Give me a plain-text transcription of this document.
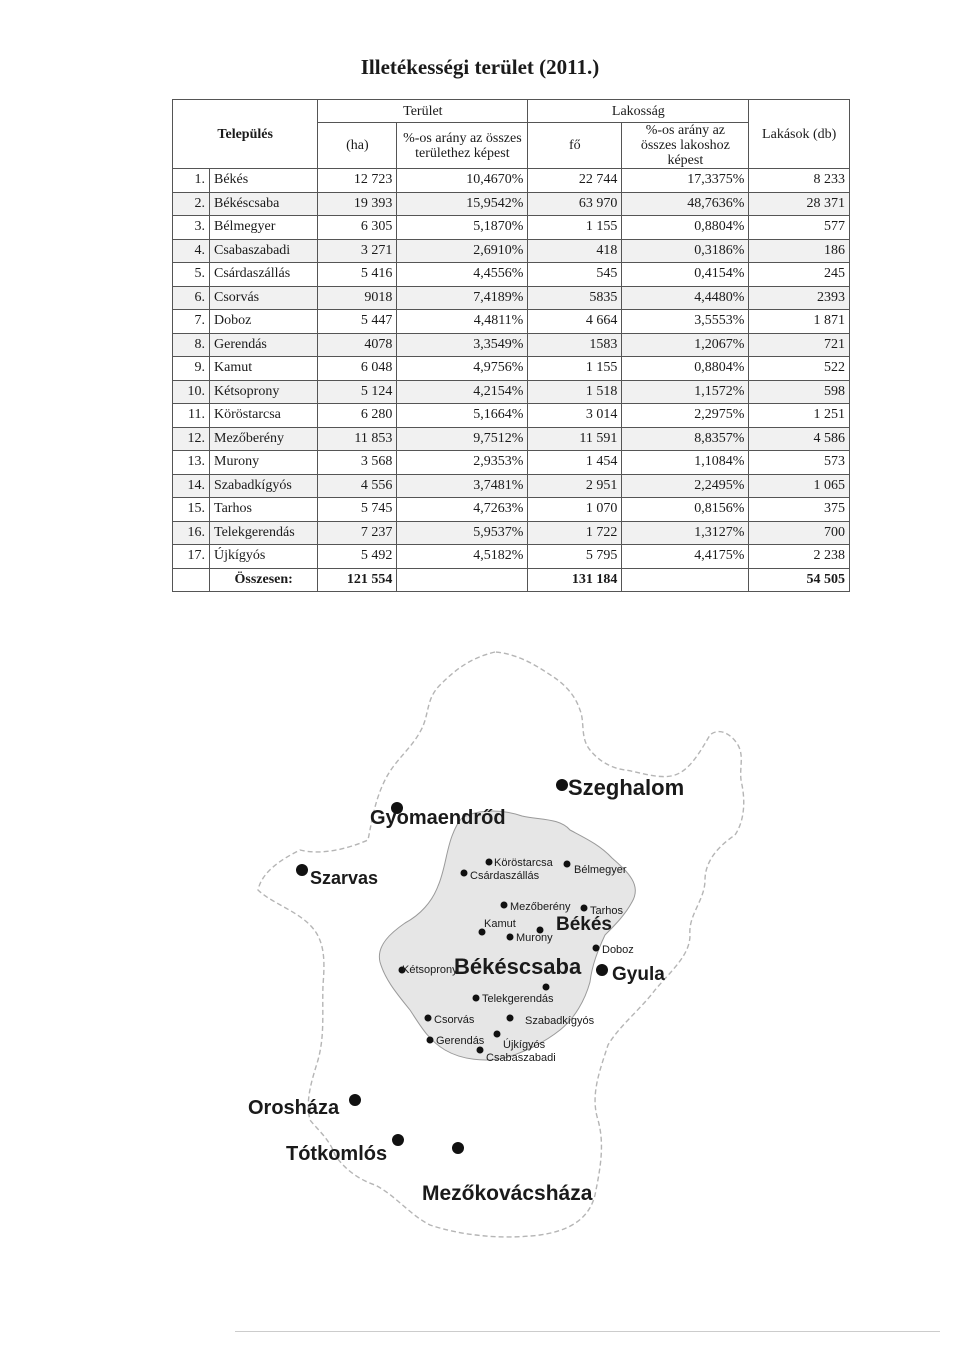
Illetékességi terület (2011.)
Település		Terület		Lakosság		Lakások (db)
		(ha)	%-os arány az összes területhez képest	fő	%-os arány az összes lakoshoz képest	
1.	Békés	12 723	10,4670%	22 744	17,3375%	8 233
2.	Békéscsaba	19 393	15,9542%	63 970	48,7636%	28 371
3.	Bélmegyer	6 305	5,1870%	1 155	0,8804%	577
4.	Csabaszabadi	3 271	2,6910%	418	0,3186%	186
5.	Csárdaszállás	5 416	4,4556%	545	0,4154%	245
6.	Csorvás	9018	7,4189%	5835	4,4480%	2393
7.	Doboz	5 447	4,4811%	4 664	3,5553%	1 871
8.	Gerendás	4078	3,3549%	1583	1,2067%	721
9.	Kamut	6 048	4,9756%	1 155	0,8804%	522
10.	Kétsoprony	5 124	4,2154%	1 518	1,1572%	598
11.	Köröstarcsa	6 280	5,1664%	3 014	2,2975%	1 251
12.	Mezőberény	11 853	9,7512%	11 591	8,8357%	4 586
13.	Murony	3 568	2,9353%	1 454	1,1084%	573
14.	Szabadkígyós	4 556	3,7481%	2 951	2,2495%	1 065
15.	Tarhos	5 745	4,7263%	1 070	0,8156%	375
16.	Telekgerendás	7 237	5,9537%	1 722	1,3127%	700
17.	Újkígyós	5 492	4,5182%	5 795	4,4175%	2 238
	Összesen:	121 554		131 184		54 505
Szeghalom
Gyomaendrőd
Szarvas
Orosháza
Tótkomlós
Mezőkovácsháza
Gyula
Köröstarcsa
Bélmegyer
Csárdaszállás
Mezőberény Tarhos
Kamut Békés
Murony
Doboz
Kétsoprony
Békéscsaba
Telekgerendás
Csorvás	Szabadkígyós
Gerendás Újkígyós
Csabaszabadi
